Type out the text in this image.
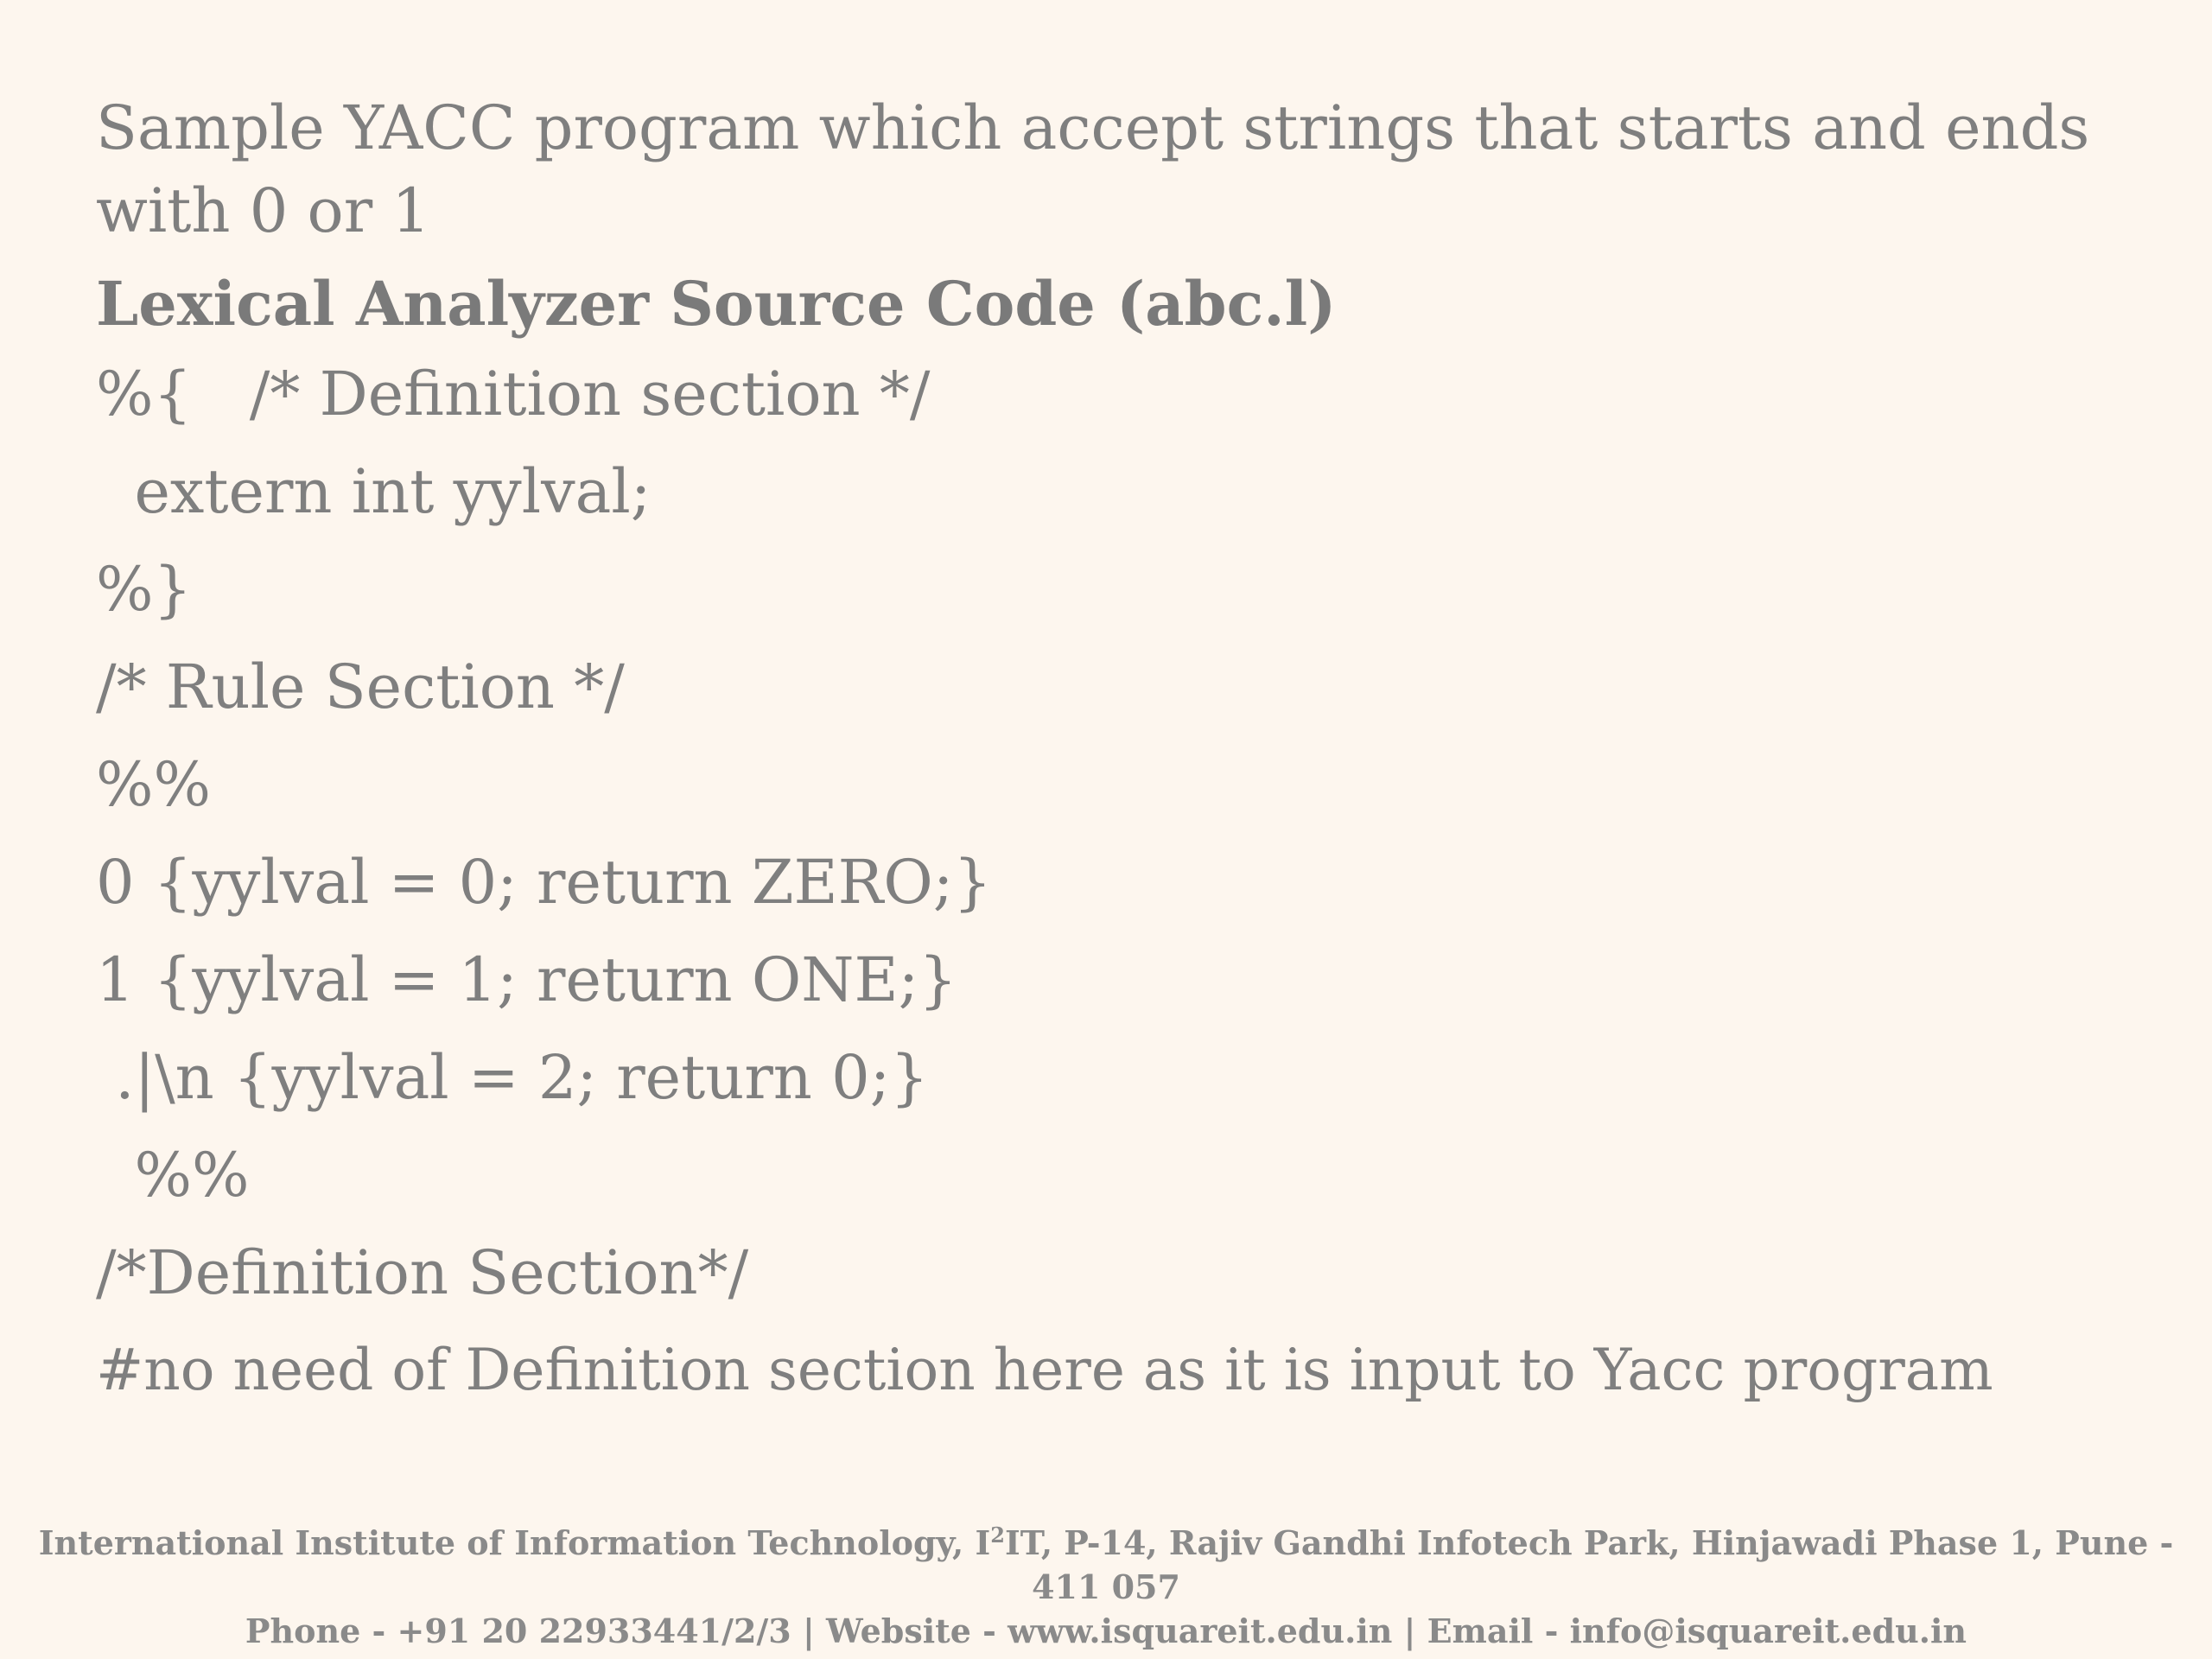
Sample YACC program which accept strings that starts and ends with 0 or 1

Lexical Analyzer Source Code (abc.l)

%{   /* Definition section */

extern int yylval;

%}

/* Rule Section */

%%

0 {yylval = 0; return ZERO;}

1 {yylval = 1; return ONE;}

.|\n {yylval = 2; return 0;}

%%

/*Definition Section*/

#no need of Definition section here as it is input to Yacc program

International Institute of Information Technology, $I^2IT$, P-14, Rajiv Gandhi Infotech Park, Hinjawadi Phase 1, Pune - 411 057
Phone - +91 20 22933441/2/3 | Website - www.isquareit.edu.in | Email - info@isquareit.edu.in
